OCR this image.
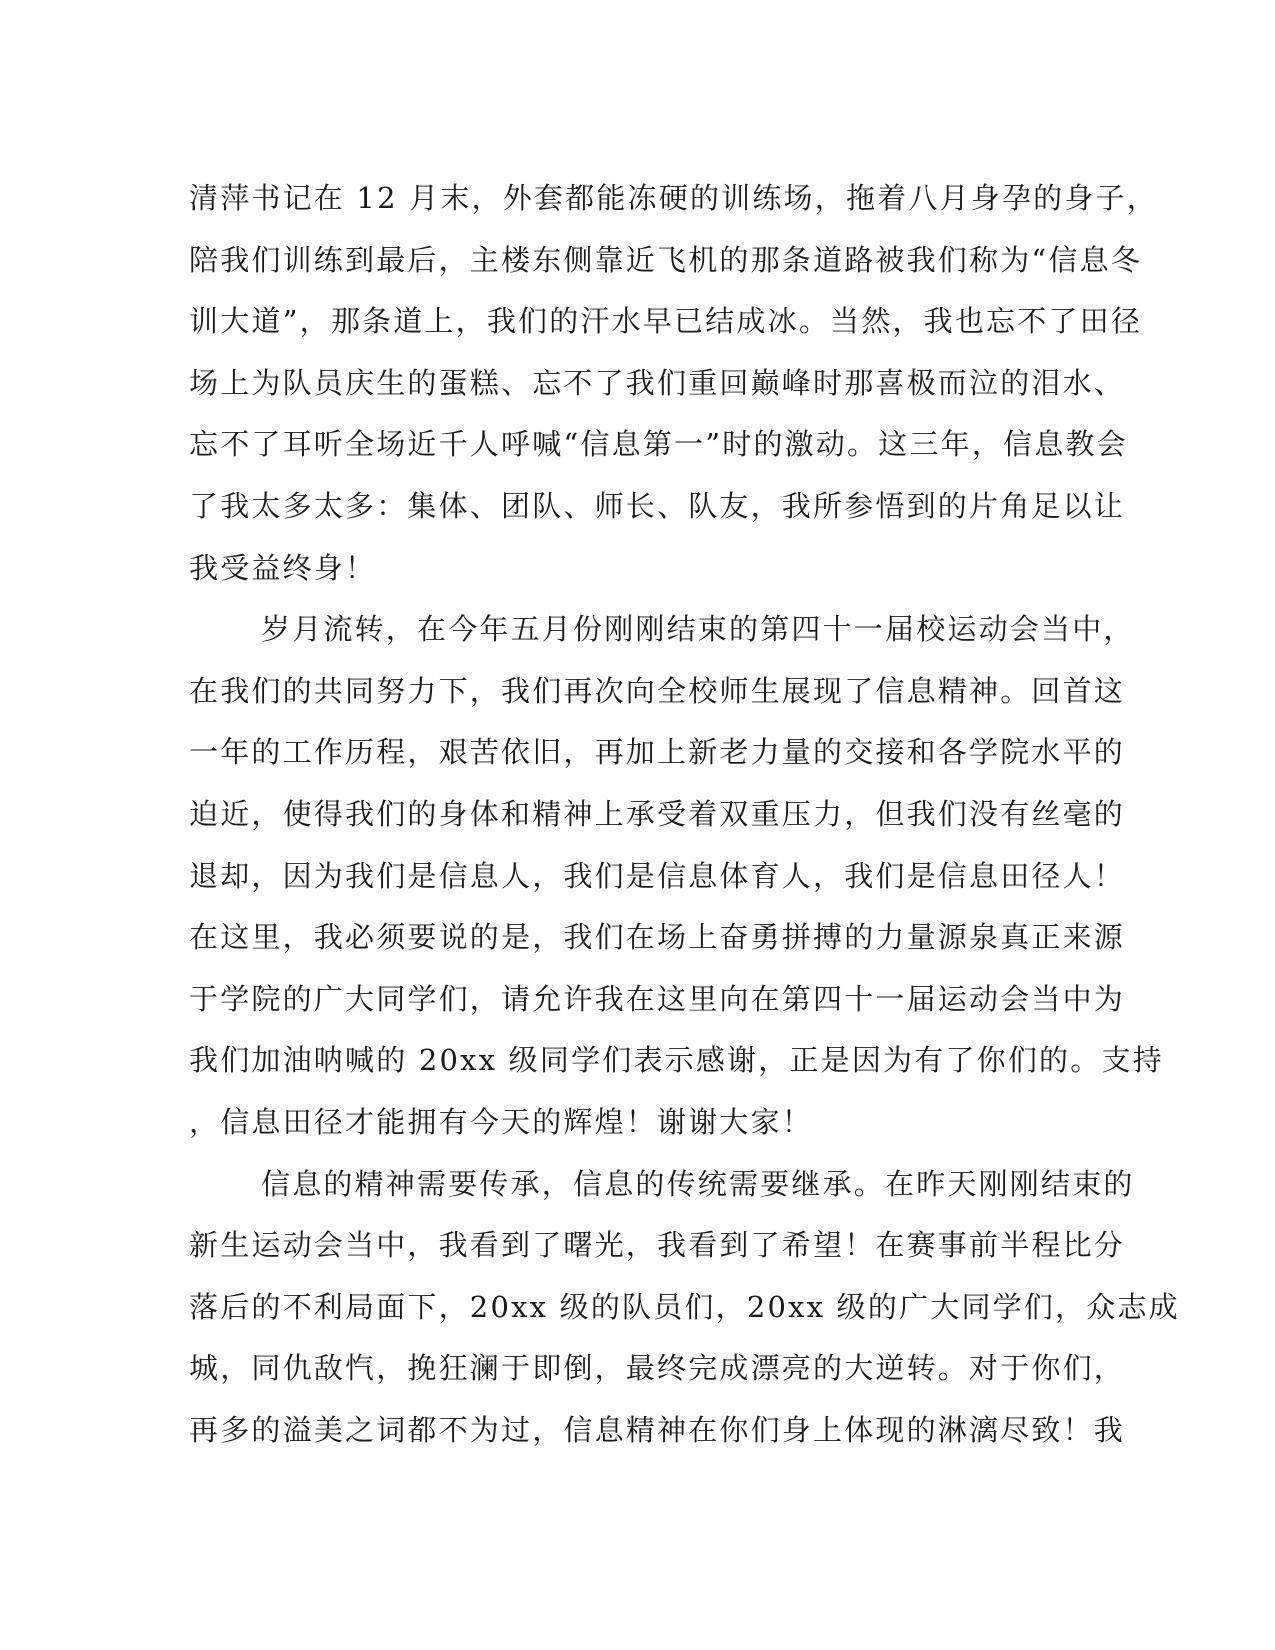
清萍书记在 12 月末，外套都能冻硬的训练场，拖着八月身孕的身子，
陪我们训练到最后，主楼东侧靠近飞机的那条道路被我们称为“信息冬
训大道”，那条道上，我们的汗水早已结成冰。当然，我也忘不了田径
场上为队员庆生的蛋糕、忘不了我们重回巅峰时那喜极而泣的泪水、
忘不了耳听全场近千人呼喊“信息第一”时的激动。这三年，信息教会
了我太多太多：集体、团队、师长、队友，我所参悟到的片角足以让
我受益终身！
岁月流转，在今年五月份刚刚结束的第四十一届校运动会当中，
在我们的共同努力下，我们再次向全校师生展现了信息精神。回首这
一年的工作历程，艰苦依旧，再加上新老力量的交接和各学院水平的
迫近，使得我们的身体和精神上承受着双重压力，但我们没有丝毫的
退却，因为我们是信息人，我们是信息体育人，我们是信息田径人！
在这里，我必须要说的是，我们在场上奋勇拼搏的力量源泉真正来源
于学院的广大同学们，请允许我在这里向在第四十一届运动会当中为
我们加油呐喊的 20xx 级同学们表示感谢，正是因为有了你们的。支持
，信息田径才能拥有今天的辉煌！谢谢大家！
信息的精神需要传承，信息的传统需要继承。在昨天刚刚结束的
新生运动会当中，我看到了曙光，我看到了希望！在赛事前半程比分
落后的不利局面下，20xx 级的队员们，20xx 级的广大同学们，众志成
城，同仇敌忾，挽狂澜于即倒，最终完成漂亮的大逆转。对于你们，
再多的溢美之词都不为过，信息精神在你们身上体现的淋漓尽致！我
